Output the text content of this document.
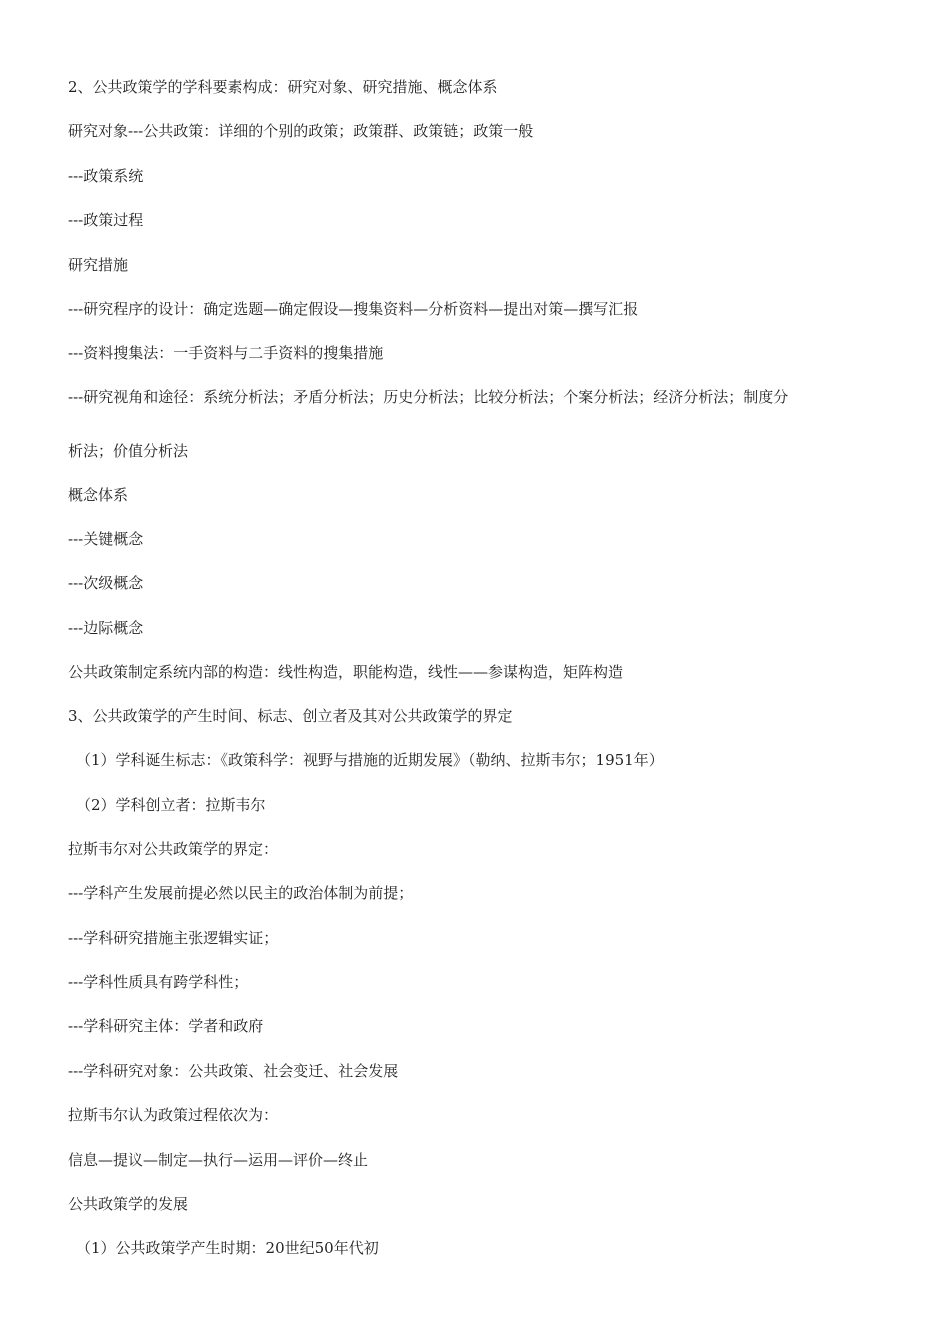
2、公共政策学的学科要素构成：研究对象、研究措施、概念体系
研究对象---公共政策：详细的个别的政策；政策群、政策链；政策一般
---政策系统
---政策过程
研究措施
---研究程序的设计：确定选题—确定假设—搜集资料—分析资料—提出对策—撰写汇报
---资料搜集法：一手资料与二手资料的搜集措施
---研究视角和途径：系统分析法；矛盾分析法；历史分析法；比较分析法；个案分析法；经济分析法；制度分
析法；价值分析法
概念体系
---关键概念
---次级概念
---边际概念
公共政策制定系统内部的构造：线性构造，职能构造，线性——参谋构造，矩阵构造
3、公共政策学的产生时间、标志、创立者及其对公共政策学的界定
（1）学科诞生标志：《政策科学：视野与措施的近期发展》（勒纳、拉斯韦尔；1951年）
（2）学科创立者：拉斯韦尔
拉斯韦尔对公共政策学的界定：
---学科产生发展前提必然以民主的政治体制为前提；
---学科研究措施主张逻辑实证；
---学科性质具有跨学科性；
---学科研究主体：学者和政府
---学科研究对象：公共政策、社会变迁、社会发展
拉斯韦尔认为政策过程依次为：
信息—提议—制定—执行—运用—评价—终止
公共政策学的发展
（1）公共政策学产生时期：20世纪50年代初
